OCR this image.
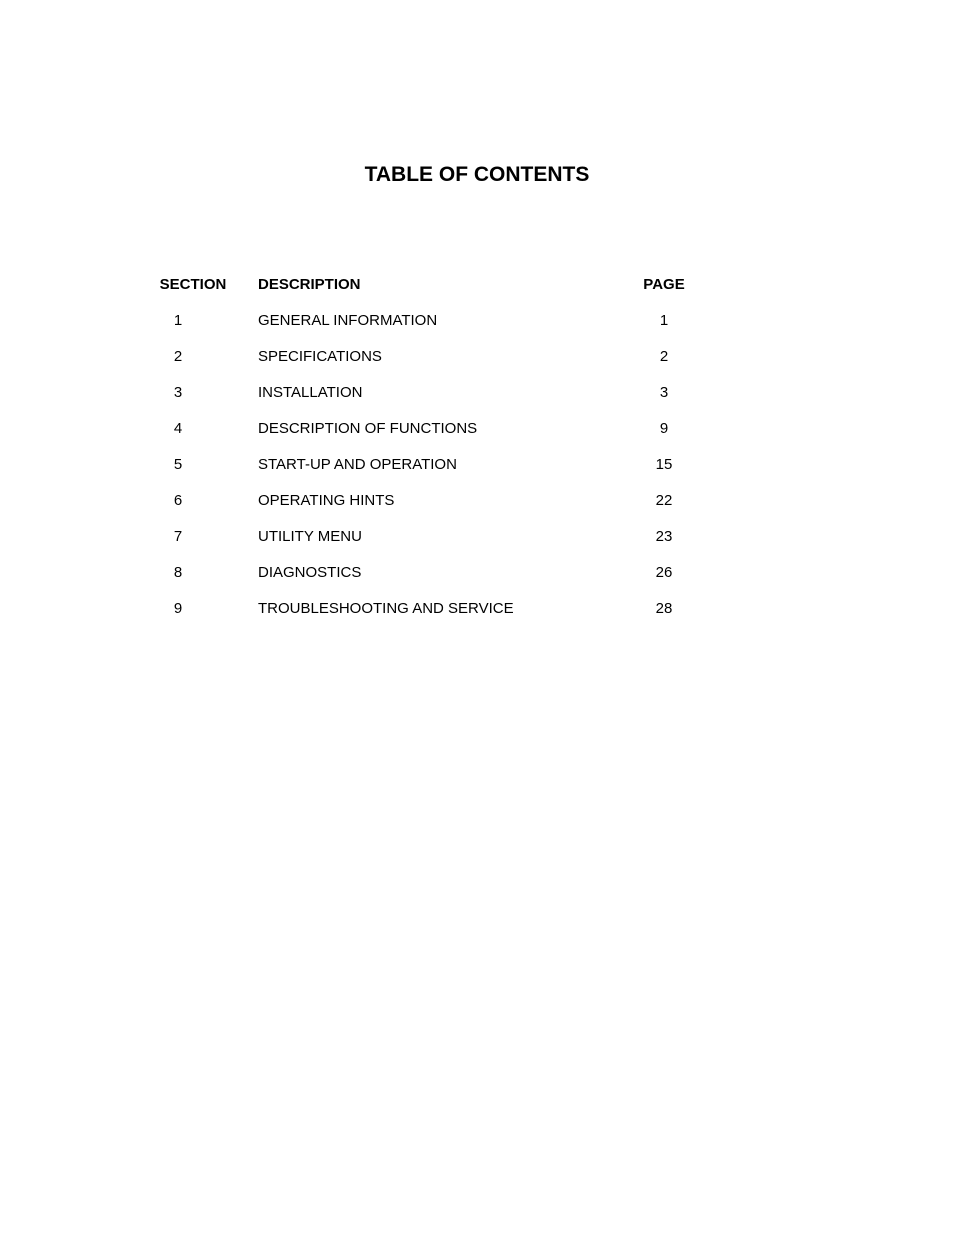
TABLE OF CONTENTS
SECTION	DESCRIPTION	PAGE
1	GENERAL INFORMATION	1
2	SPECIFICATIONS	2
3	INSTALLATION	3
4	DESCRIPTION OF FUNCTIONS	9
5	START-UP AND OPERATION	15
6	OPERATING HINTS	22
7	UTILITY MENU	23
8	DIAGNOSTICS	26
9	TROUBLESHOOTING AND SERVICE	28
